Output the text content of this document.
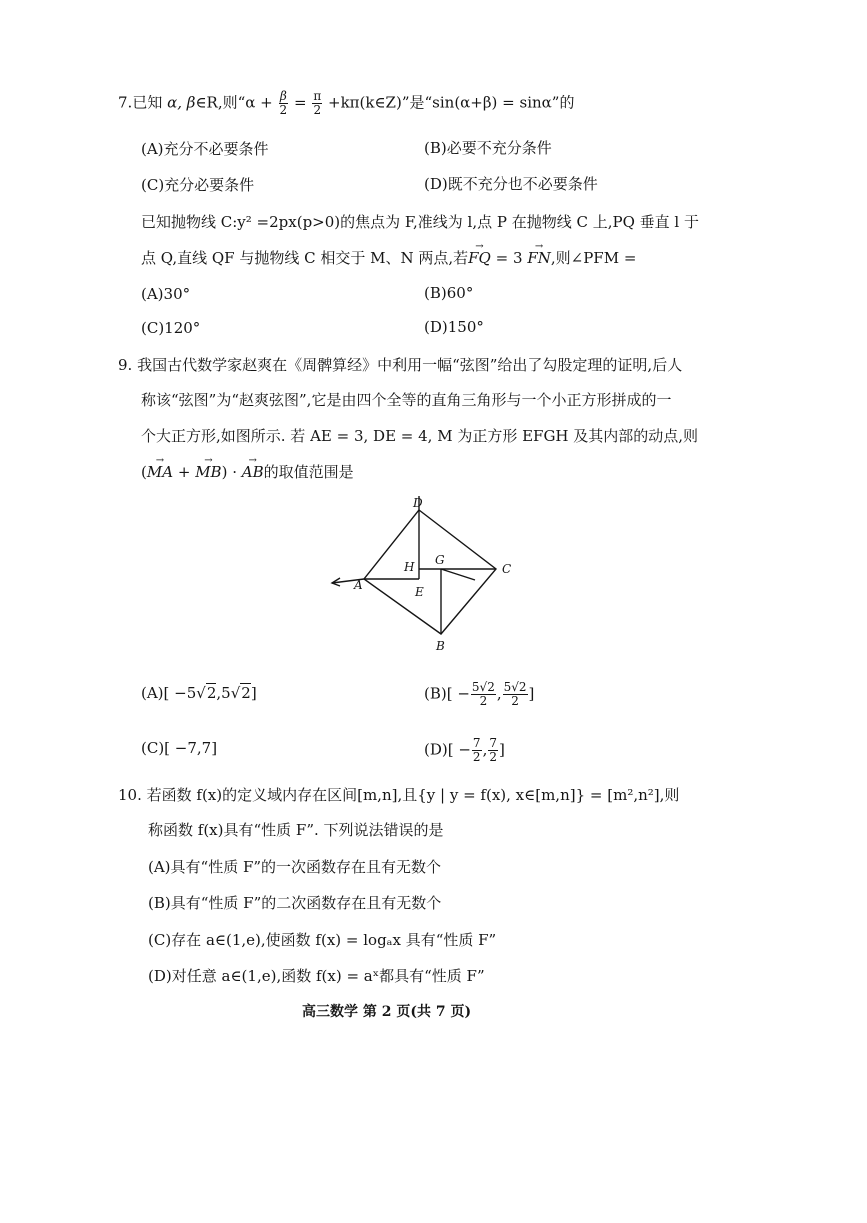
7.已知 α, β∈R,则“$\alpha + \frac{\beta}{2} = \frac{\pi}{2}$ +kπ(k∈Z)”是“sin(α+β) = sinα”的
(A)充分不必要条件	(B)必要不充分条件
(C)充分必要条件	(D)既不充分也不必要条件
已知抛物线 C:y² =2px(p>0)的焦点为 F,准线为 l,点 P 在抛物线 C 上,PQ 垂直 l 于
点 Q,直线 QF 与抛物线 C 相交于 M、N 两点,若→ FQ = 3 → FN,则∠PFM =
(A)30°	(B)60°
(C)120°	(D)150°
9. 我国古代数学家赵爽在《周髀算经》中利用一幅“弦图”给出了勾股定理的证明,后人
称该“弦图”为“赵爽弦图”,它是由四个全等的直角三角形与一个小正方形拼成的一
个大正方形,如图所示. 若 AE = 3, DE = 4, M 为正方形 EFGH 及其内部的动点,则
(→ MA + → MB) · → AB的取值范围是
D
G
H	C
A	E
B
(A)[ −5√2,5√2]	$(B)[ - \frac{5√2}{2}$ , $\frac{5√2}{2}$ ]
(C)[ −7,7]	$(D)[ - \frac{7}{2}$ , $\frac{7}{2}$ ]
10. 若函数 f(x)的定义域内存在区间[m,n],且{y | y = f(x), x∈[m,n]} = [m²,n²],则
称函数 f(x)具有“性质 F”. 下列说法错误的是
(A)具有“性质 F”的一次函数存在且有无数个
(B)具有“性质 F”的二次函数存在且有无数个
(C)存在 a∈(1,e),使函数 f(x) = logₐx 具有“性质 F”
(D)对任意 a∈(1,e),函数 f(x) = aˣ都具有“性质 F”
高三数学 第 2 页(共 7 页)
